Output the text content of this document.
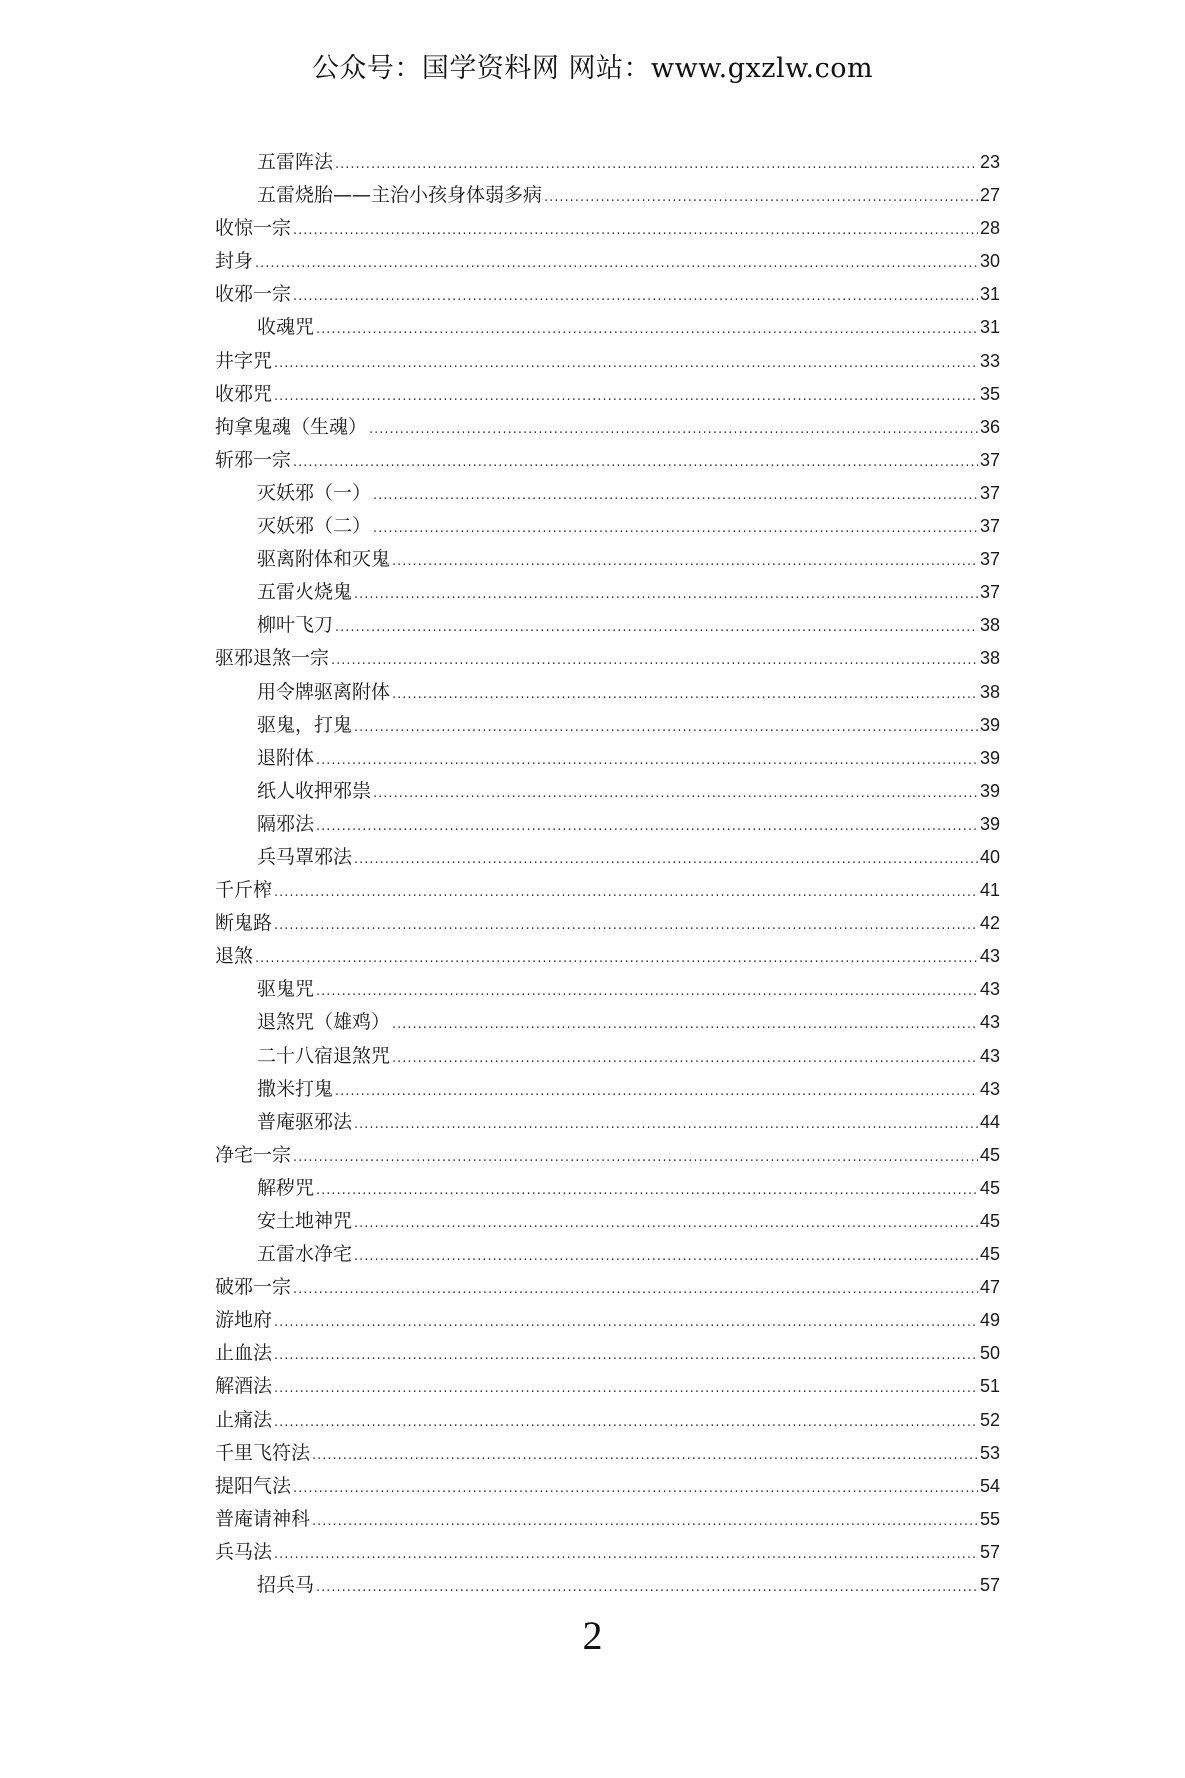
公众号：国学资料网 网站：www.gxzlw.com
五雷阵法 .....	23
五雷烧胎——主治小孩身体弱多病 .....	27
收惊一宗 .....	28
封身 .....	30
收邪一宗 .....	31
收魂咒 .....	31
井字咒 .....	33
收邪咒 .....	35
拘拿鬼魂（生魂） .....	36
斩邪一宗 .....	37
灭妖邪（一） .....	37
灭妖邪（二） .....	37
驱离附体和灭鬼 .....	37
五雷火烧鬼 .....	37
柳叶飞刀 .....	38
驱邪退煞一宗 .....	38
用令牌驱离附体 .....	38
驱鬼，打鬼 .....	39
退附体 .....	39
纸人收押邪祟 .....	39
隔邪法 .....	39
兵马罩邪法 .....	40
千斤榨 .....	41
断鬼路 .....	42
退煞 .....	43
驱鬼咒 .....	43
退煞咒（雄鸡） .....	43
二十八宿退煞咒 .....	43
撒米打鬼 .....	43
普庵驱邪法 .....	44
净宅一宗 .....	45
解秽咒 .....	45
安土地神咒 .....	45
五雷水净宅 .....	45
破邪一宗 .....	47
游地府 .....	49
止血法 .....	50
解酒法 .....	51
止痛法 .....	52
千里飞符法 .....	53
提阳气法 .....	54
普庵请神科 .....	55
兵马法 .....	57
招兵马 .....	57
2
